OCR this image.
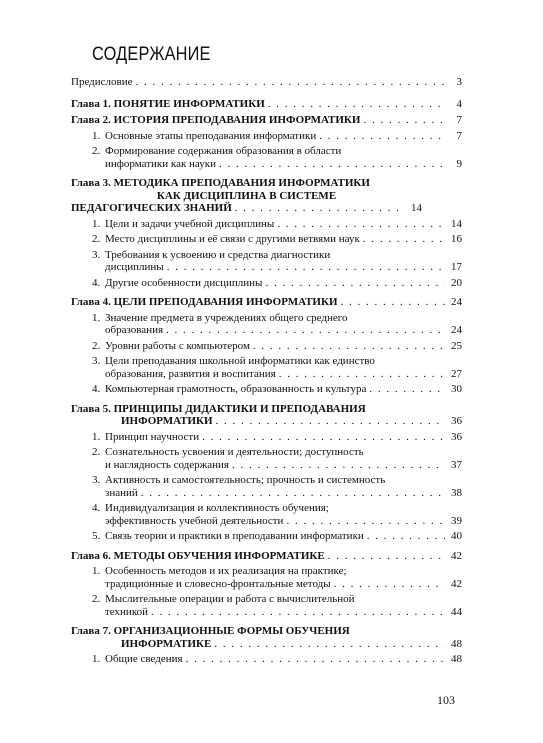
СОДЕРЖАНИЕ
Предисловие . . .	3
Глава 1. ПОНЯТИЕ ИНФОРМАТИКИ . . .	4
Глава 2. ИСТОРИЯ ПРЕПОДАВАНИЯ ИНФОРМАТИКИ . . .	7
1. Основные этапы преподавания информатики . . .	7
2. Формирование содержания образования в области
информатики как науки . . .	9
Глава 3. МЕТОДИКА ПРЕПОДАВАНИЯ ИНФОРМАТИКИ
КАК ДИСЦИПЛИНА В СИСТЕМЕ
ПЕДАГОГИЧЕСКИХ ЗНАНИЙ . . .	14
1. Цели и задачи учебной дисциплины . . .	14
2. Место дисциплины и её связи с другими ветвями наук . . .	16
3. Требования к усвоению и средства диагностики
дисциплины . . .	17
4. Другие особенности дисциплины . . .	20
Глава 4. ЦЕЛИ ПРЕПОДАВАНИЯ ИНФОРМАТИКИ . . .	24
1. Значение предмета в учреждениях общего среднего
образования . . .	24
2. Уровни работы с компьютером . . .	25
3. Цели преподавания школьной информатики как единство
образования, развития и воспитания . . .	27
4. Компьютерная грамотность, образованность и культура . . .	30
Глава 5. ПРИНЦИПЫ ДИДАКТИКИ И ПРЕПОДАВАНИЯ
ИНФОРМАТИКИ . . .	36
1. Принцип научности . . .	36
2. Сознательность усвоения и деятельности; доступность
и наглядность содержания . . .	37
3. Активность и самостоятельность; прочность и системность
знаний . . .	38
4. Индивидуализация и коллективность обучения;
эффективность учебной деятельности . . .	39
5. Связь теории и практики в преподавании информатики . . .	40
Глава 6. МЕТОДЫ ОБУЧЕНИЯ ИНФОРМАТИКЕ . . .	42
1. Особенность методов и их реализация на практике;
традиционные и словесно-фронтальные методы . . .	42
2. Мыслительные операции и работа с вычислительной
техникой . . .	44
Глава 7. ОРГАНИЗАЦИОННЫЕ ФОРМЫ ОБУЧЕНИЯ
ИНФОРМАТИКЕ . . .	48
1. Общие сведения . . .	48
103
